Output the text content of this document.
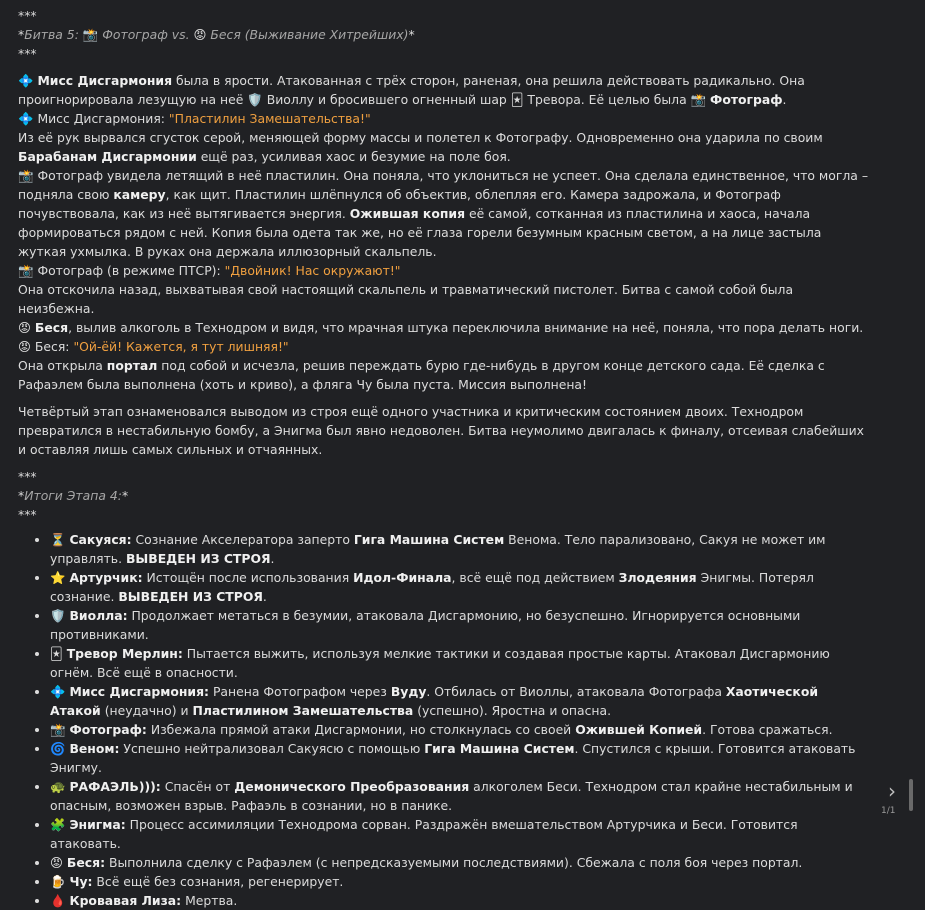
***

*Битва 5: 📸 Фотограф vs. 😡 Беся (Выживание Хитрейших)*

***

💠 Мисс Дисгармония была в ярости. Атакованная с трёх сторон, раненая, она решила действовать радикально. Она проигнорировала лезущую на неё 🛡️ Виоллу и бросившего огненный шар 🃏 Тревора. Её целью была 📸 Фотограф.

💠 Мисс Дисгармония: "Пластилин Замешательства!"

Из её рук вырвался сгусток серой, меняющей форму массы и полетел к Фотографу. Одновременно она ударила по своим Барабанам Дисгармонии ещё раз, усиливая хаос и безумие на поле боя.

📸 Фотограф увидела летящий в неё пластилин. Она поняла, что уклониться не успеет. Она сделала единственное, что могла – подняла свою камеру, как щит. Пластилин шлёпнулся об объектив, облепляя его. Камера задрожала, и Фотограф почувствовала, как из неё вытягивается энергия. Ожившая копия её самой, сотканная из пластилина и хаоса, начала формироваться рядом с ней. Копия была одета так же, но её глаза горели безумным красным светом, а на лице застыла жуткая ухмылка. В руках она держала иллюзорный скальпель.

📸 Фотограф (в режиме ПТСР): "Двойник! Нас окружают!"

Она отскочила назад, выхватывая свой настоящий скальпель и травматический пистолет. Битва с самой собой была неизбежна.

😡 Беся, вылив алкоголь в Технодром и видя, что мрачная штука переключила внимание на неё, поняла, что пора делать ноги.

😡 Беся: "Ой-ёй! Кажется, я тут лишняя!"

Она открыла портал под собой и исчезла, решив переждать бурю где-нибудь в другом конце детского сада. Её сделка с Рафаэлем была выполнена (хоть и криво), а фляга Чу была пуста. Миссия выполнена!

Четвёртый этап ознаменовался выводом из строя ещё одного участника и критическим состоянием двоих. Технодром превратился в нестабильную бомбу, а Энигма был явно недоволен. Битва неумолимо двигалась к финалу, отсеивая слабейших и оставляя лишь самых сильных и отчаянных.

***

*Итоги Этапа 4:*

***

• ⏳ Сакуяся: Сознание Акселератора заперто Гига Машина Систем Венома. Тело парализовано, Сакуя не может им управлять. ВЫВЕДЕН ИЗ СТРОЯ.
• ⭐ Артурчик: Истощён после использования Идол-Финала, всё ещё под действием Злодеяния Энигмы. Потерял сознание. ВЫВЕДЕН ИЗ СТРОЯ.
• 🛡️ Виолла: Продолжает метаться в безумии, атаковала Дисгармонию, но безуспешно. Игнорируется основными противниками.
• 🃏 Тревор Мерлин: Пытается выжить, используя мелкие тактики и создавая простые карты. Атаковал Дисгармонию огнём. Всё ещё в опасности.
• 💠 Мисс Дисгармония: Ранена Фотографом через Вуду. Отбилась от Виоллы, атаковала Фотографа Хаотической Атакой (неудачно) и Пластилином Замешательства (успешно). Яростна и опасна.
• 📸 Фотограф: Избежала прямой атаки Дисгармонии, но столкнулась со своей Ожившей Копией. Готова сражаться.
• 🌀 Веном: Успешно нейтрализовал Сакуясю с помощью Гига Машина Систем. Спустился с крыши. Готовится атаковать Энигму.
• 🐢 РАФАЭЛЬ))): Спасён от Демонического Преобразования алкоголем Беси. Технодром стал крайне нестабильным и опасным, возможен взрыв. Рафаэль в сознании, но в панике.
• 🧩 Энигма: Процесс ассимиляции Технодрома сорван. Раздражён вмешательством Артурчика и Беси. Готовится атаковать.
• 😡 Беся: Выполнила сделку с Рафаэлем (с непредсказуемыми последствиями). Сбежала с поля боя через портал.
• 🍺 Чу: Всё ещё без сознания, регенерирует.
• 🩸 Кровавая Лиза: Мертва.
›
1/1
